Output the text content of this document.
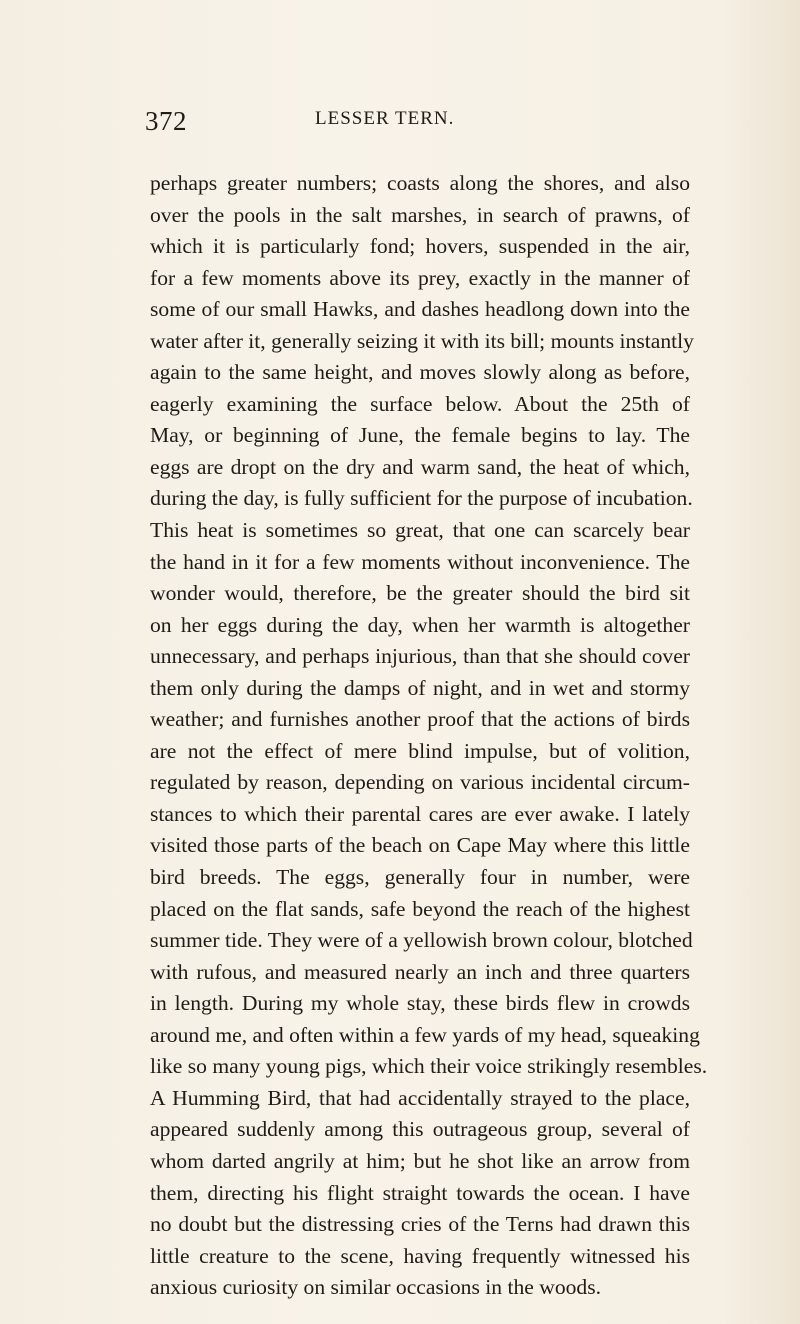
372	LESSER TERN.
perhaps greater numbers; coasts along the shores, and also
over the pools in the salt marshes, in search of prawns, of
which it is particularly fond; hovers, suspended in the air,
for a few moments above its prey, exactly in the manner of
some of our small Hawks, and dashes headlong down into the
water after it, generally seizing it with its bill; mounts instantly
again to the same height, and moves slowly along as before,
eagerly examining the surface below. About the 25th of
May, or beginning of June, the female begins to lay. The
eggs are dropt on the dry and warm sand, the heat of which,
during the day, is fully sufficient for the purpose of incubation.
This heat is sometimes so great, that one can scarcely bear
the hand in it for a few moments without inconvenience. The
wonder would, therefore, be the greater should the bird sit
on her eggs during the day, when her warmth is altogether
unnecessary, and perhaps injurious, than that she should cover
them only during the damps of night, and in wet and stormy
weather; and furnishes another proof that the actions of birds
are not the effect of mere blind impulse, but of volition,
regulated by reason, depending on various incidental circum-
stances to which their parental cares are ever awake. I lately
visited those parts of the beach on Cape May where this little
bird breeds. The eggs, generally four in number, were
placed on the flat sands, safe beyond the reach of the highest
summer tide. They were of a yellowish brown colour, blotched
with rufous, and measured nearly an inch and three quarters
in length. During my whole stay, these birds flew in crowds
around me, and often within a few yards of my head, squeaking
like so many young pigs, which their voice strikingly resembles.
A Humming Bird, that had accidentally strayed to the place,
appeared suddenly among this outrageous group, several of
whom darted angrily at him; but he shot like an arrow from
them, directing his flight straight towards the ocean. I have
no doubt but the distressing cries of the Terns had drawn this
little creature to the scene, having frequently witnessed his
anxious curiosity on similar occasions in the woods.
